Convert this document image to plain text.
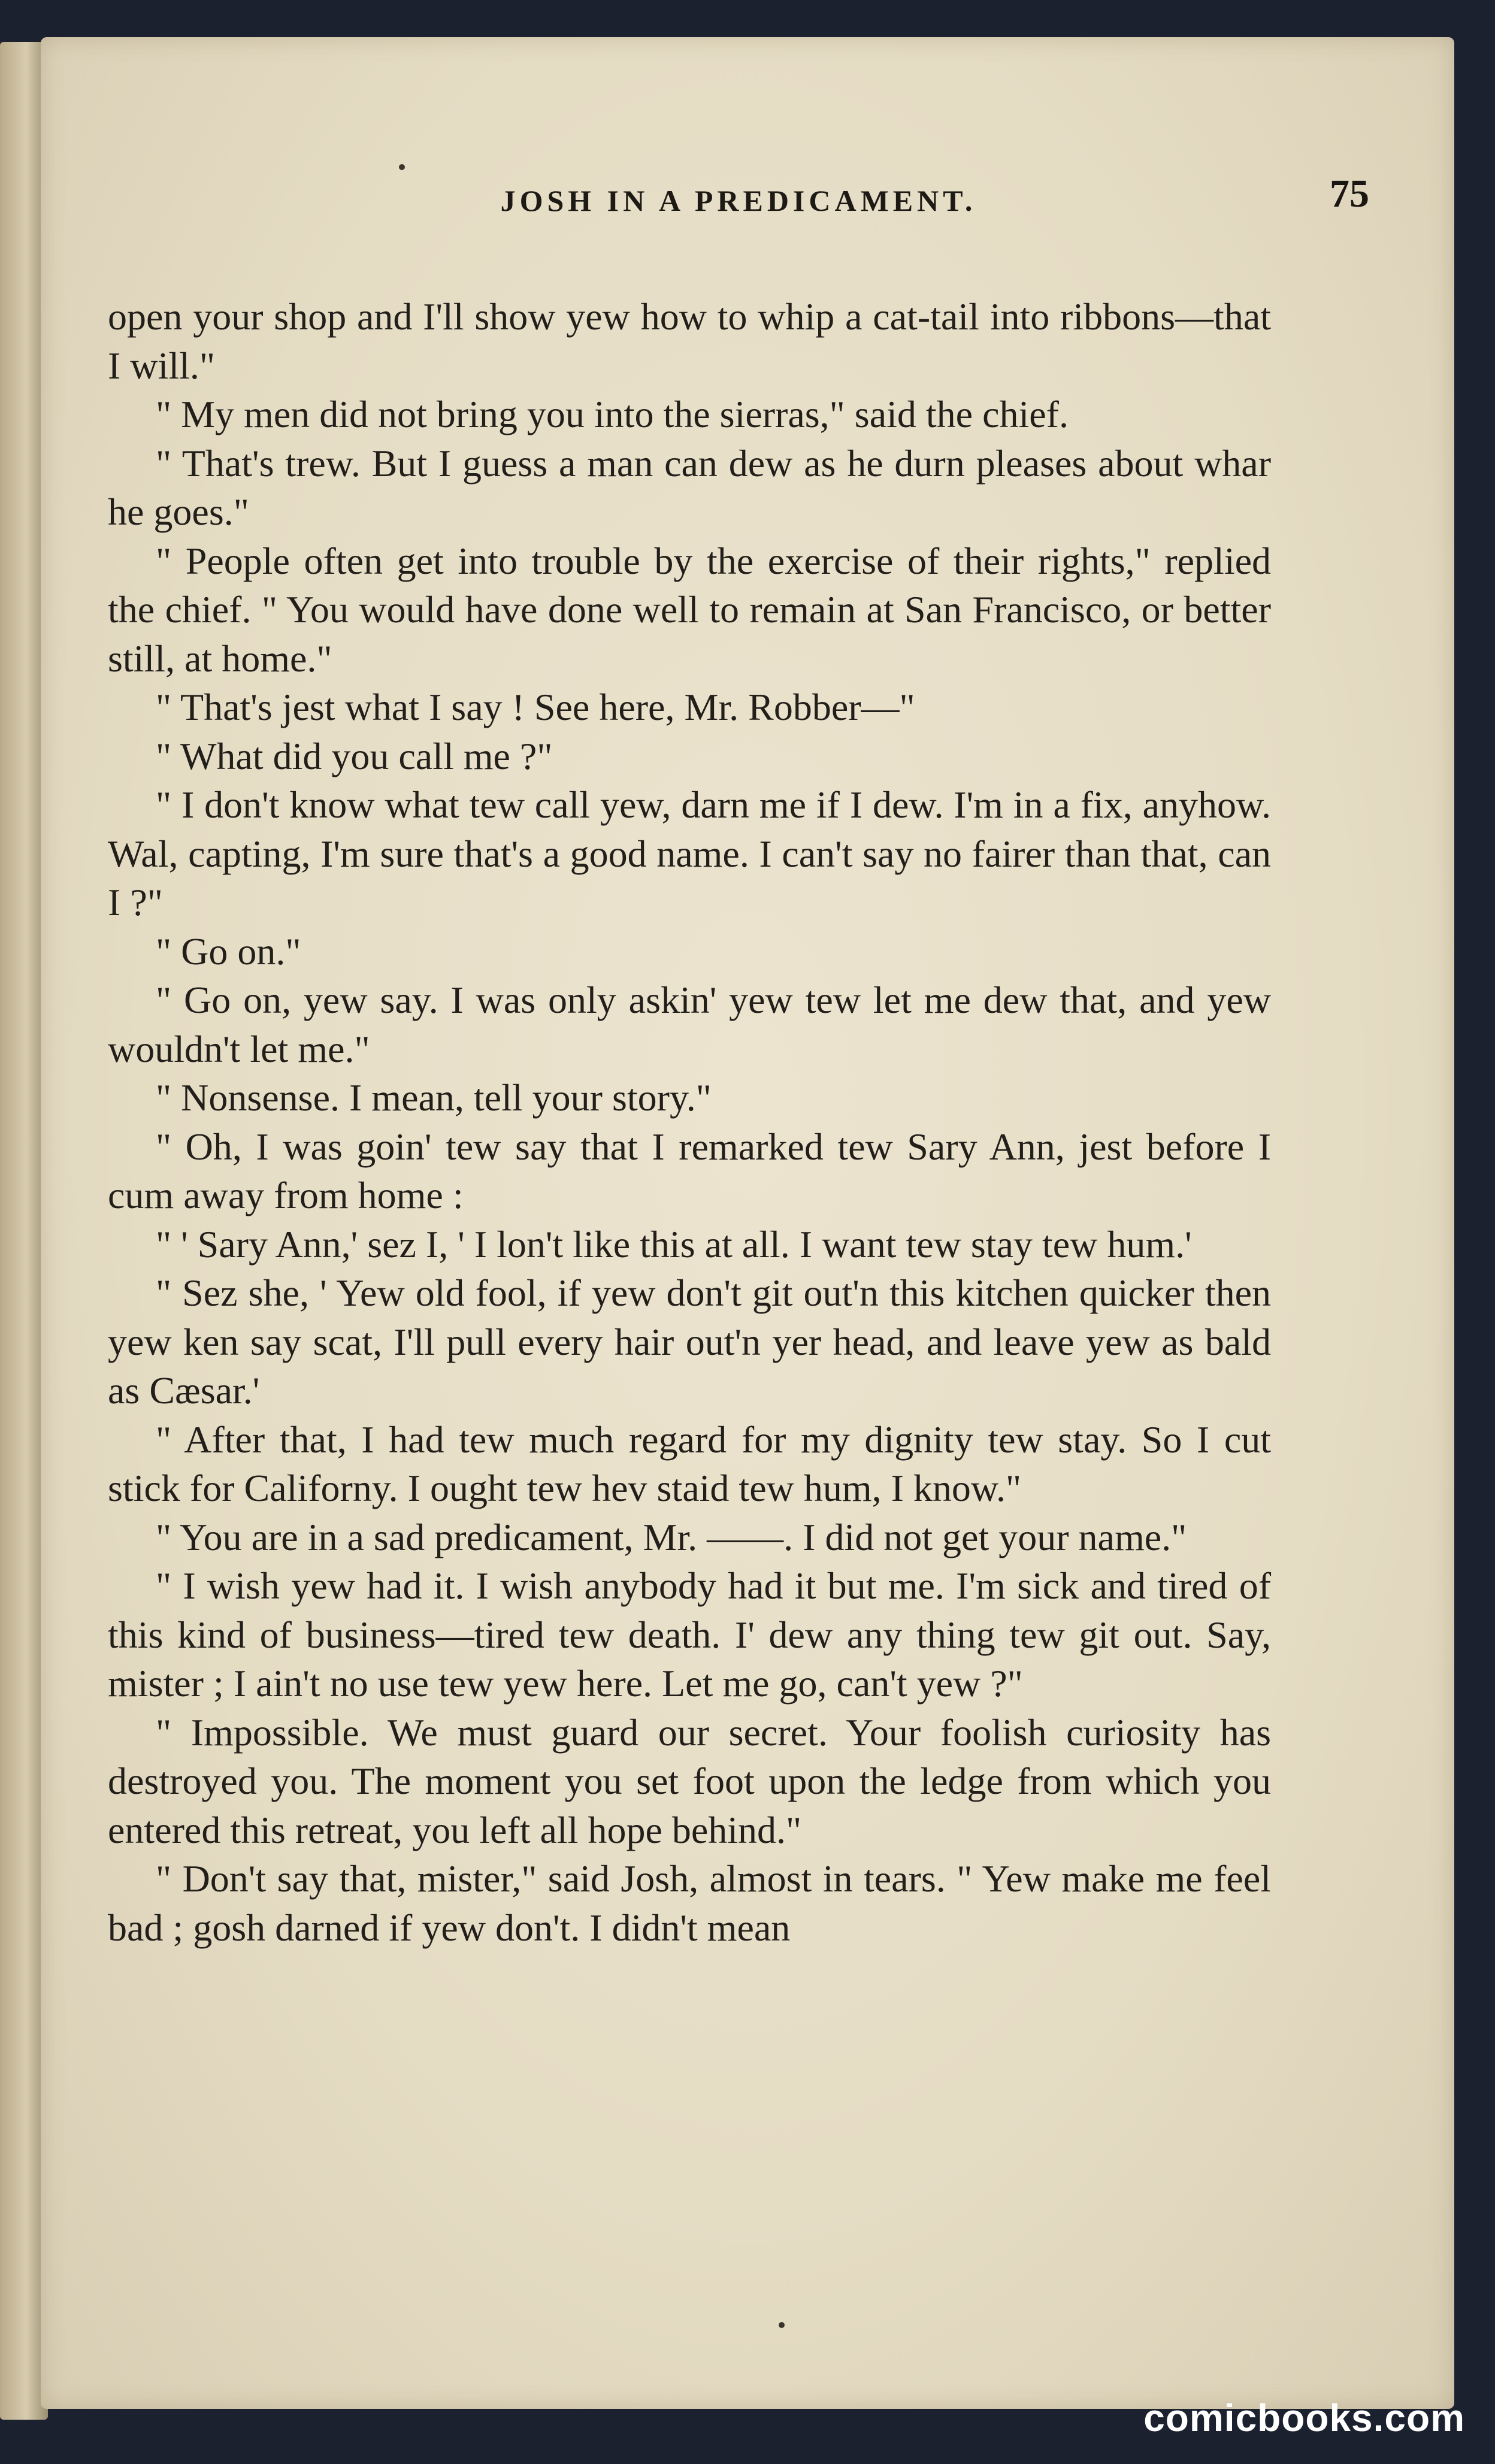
JOSH IN A PREDICAMENT.	75

open your shop and I'll show yew how to whip a cat-tail into ribbons—that I will."

" My men did not bring you into the sierras," said the chief.

" That's trew. But I guess a man can dew as he durn pleases about whar he goes."

" People often get into trouble by the exercise of their rights," replied the chief. " You would have done well to remain at San Francisco, or better still, at home."

" That's jest what I say ! See here, Mr. Robber—"

" What did you call me ?"

" I don't know what tew call yew, darn me if I dew. I'm in a fix, anyhow. Wal, capting, I'm sure that's a good name. I can't say no fairer than that, can I ?"

" Go on."

" Go on, yew say. I was only askin' yew tew let me dew that, and yew wouldn't let me."

" Nonsense. I mean, tell your story."

" Oh, I was goin' tew say that I remarked tew Sary Ann, jest before I cum away from home :

" ' Sary Ann,' sez I, ' I lon't like this at all. I want tew stay tew hum.'

" Sez she, ' Yew old fool, if yew don't git out'n this kitchen quicker then yew ken say scat, I'll pull every hair out'n yer head, and leave yew as bald as Cæsar.'

" After that, I had tew much regard for my dignity tew stay. So I cut stick for Californy. I ought tew hev staid tew hum, I know."

" You are in a sad predicament, Mr. ——. I did not get your name."

" I wish yew had it. I wish anybody had it but me. I'm sick and tired of this kind of business—tired tew death. I' dew any thing tew git out. Say, mister ; I ain't no use tew yew here. Let me go, can't yew ?"

" Impossible. We must guard our secret. Your foolish curiosity has destroyed you. The moment you set foot upon the ledge from which you entered this retreat, you left all hope behind."

" Don't say that, mister," said Josh, almost in tears. " Yew make me feel bad ; gosh darned if yew don't. I didn't mean

comicbooks.com
